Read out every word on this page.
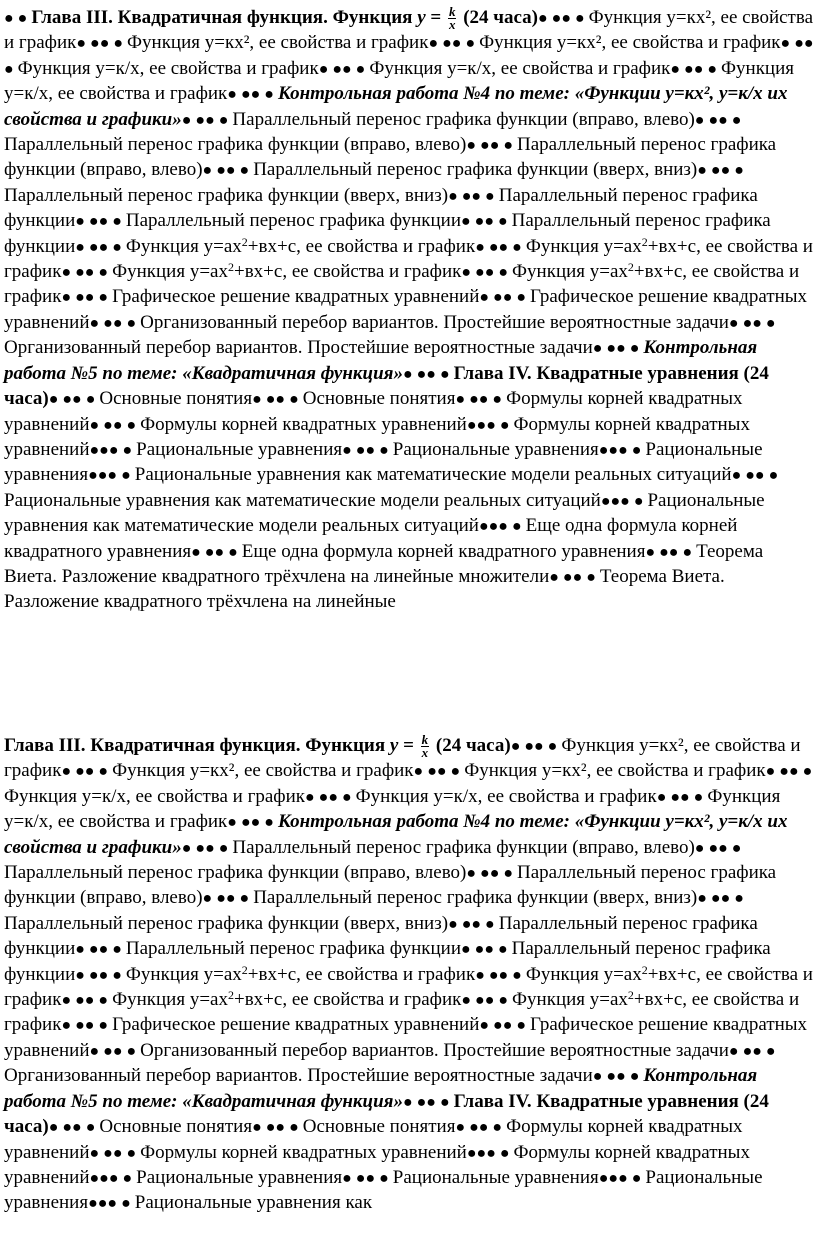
● ● Глава III. Квадратичная функция. Функция $y = \frac{k}{x} (24$ часа)● ●● ● Функция у=кх², ее свойства и график● ●● ● Функция у=кх², ее свойства и график● ●● ● Функция у=кх², ее свойства и график● ●● ● Функция у=к/х, ее свойства и график● ●● ● Функция у=к/х, ее свойства и график● ●● ● Функция у=к/х, ее свойства и график● ●● ● Контрольная работа №4 по теме: «Функции у=кх², у=к/х их свойства и графики»● ●● ● Параллельный перенос графика функции (вправо, влево)● ●● ● Параллельный перенос графика функции (вправо, влево)● ●● ● Параллельный перенос графика функции (вправо, влево)● ●● ● Параллельный перенос графика функции (вверх, вниз)● ●● ● Параллельный перенос графика функции (вверх, вниз)● ●● ● Параллельный перенос графика функции● ●● ● Параллельный перенос графика функции● ●● ● Параллельный перенос графика функции● ●● ● Функция $у=ах^2+вх+с$, ее свойства и график● ●● ● Функция $у=ах^2+вх+с$, ее свойства и график● ●● ● Функция $у=ах^2+вх+с$, ее свойства и график● ●● ● Функция $у=ах^2+вх+с$, ее свойства и график● ●● ● Графическое решение квадратных уравнений● ●● ● Графическое решение квадратных уравнений● ●● ● Организованный перебор вариантов. Простейшие вероятностные задачи● ●● ● Организованный перебор вариантов. Простейшие вероятностные задачи● ●● ● Контрольная работа №5 по теме: «Квадратичная функция»● ●● ● Глава IV. Квадратные уравнения (24 часа)● ●● ● Основные понятия● ●● ● Основные понятия● ●● ● Формулы корней квадратных уравнений● ●● ● Формулы корней квадратных уравнений●●● ● Формулы корней квадратных уравнений●●● ● Рациональные уравнения● ●● ● Рациональные уравнения●●● ● Рациональные уравнения●●● ● Рациональные уравнения как математические модели реальных ситуаций● ●● ● Рациональные уравнения как математические модели реальных ситуаций●●● ● Рациональные уравнения как математические модели реальных ситуаций●●● ● Еще одна формула корней квадратного уравнения● ●● ● Еще одна формула корней квадратного уравнения● ●● ● Теорема Виета. Разложение квадратного трёхчлена на линейные множители● ●● ● Теорема Виета. Разложение квадратного трёхчлена на линейные
Глава III. Квадратичная функция. Функция $y = \frac{k}{x} (24$ часа)● ●● ● Функция у=кх², ее свойства и график● ●● ● Функция у=кх², ее свойства и график● ●● ● Функция у=кх², ее свойства и график● ●● ● Функция у=к/х, ее свойства и график● ●● ● Функция у=к/х, ее свойства и график● ●● ● Функция у=к/х, ее свойства и график● ●● ● Контрольная работа №4 по теме: «Функции у=кх², у=к/х их свойства и графики»● ●● ● Параллельный перенос графика функции (вправо, влево)● ●● ● Параллельный перенос графика функции (вправо, влево)● ●● ● Параллельный перенос графика функции (вправо, влево)● ●● ● Параллельный перенос графика функции (вверх, вниз)● ●● ● Параллельный перенос графика функции (вверх, вниз)● ●● ● Параллельный перенос графика функции● ●● ● Параллельный перенос графика функции● ●● ● Параллельный перенос графика функции● ●● ● Функция $у=ах^2+вх+с$, ее свойства и график● ●● ● Функция $у=ах^2+вх+с$, ее свойства и график● ●● ● Функция $у=ах^2+вх+с$, ее свойства и график● ●● ● Функция $у=ах^2+вх+с$, ее свойства и график● ●● ● Графическое решение квадратных уравнений● ●● ● Графическое решение квадратных уравнений● ●● ● Организованный перебор вариантов. Простейшие вероятностные задачи● ●● ● Организованный перебор вариантов. Простейшие вероятностные задачи● ●● ● Контрольная работа №5 по теме: «Квадратичная функция»● ●● ● Глава IV. Квадратные уравнения (24 часа)● ●● ● Основные понятия● ●● ● Основные понятия● ●● ● Формулы корней квадратных уравнений● ●● ● Формулы корней квадратных уравнений●●● ● Формулы корней квадратных уравнений●●● ● Рациональные уравнения● ●● ● Рациональные уравнения●●● ● Рациональные уравнения●●● ● Рациональные уравнения как
